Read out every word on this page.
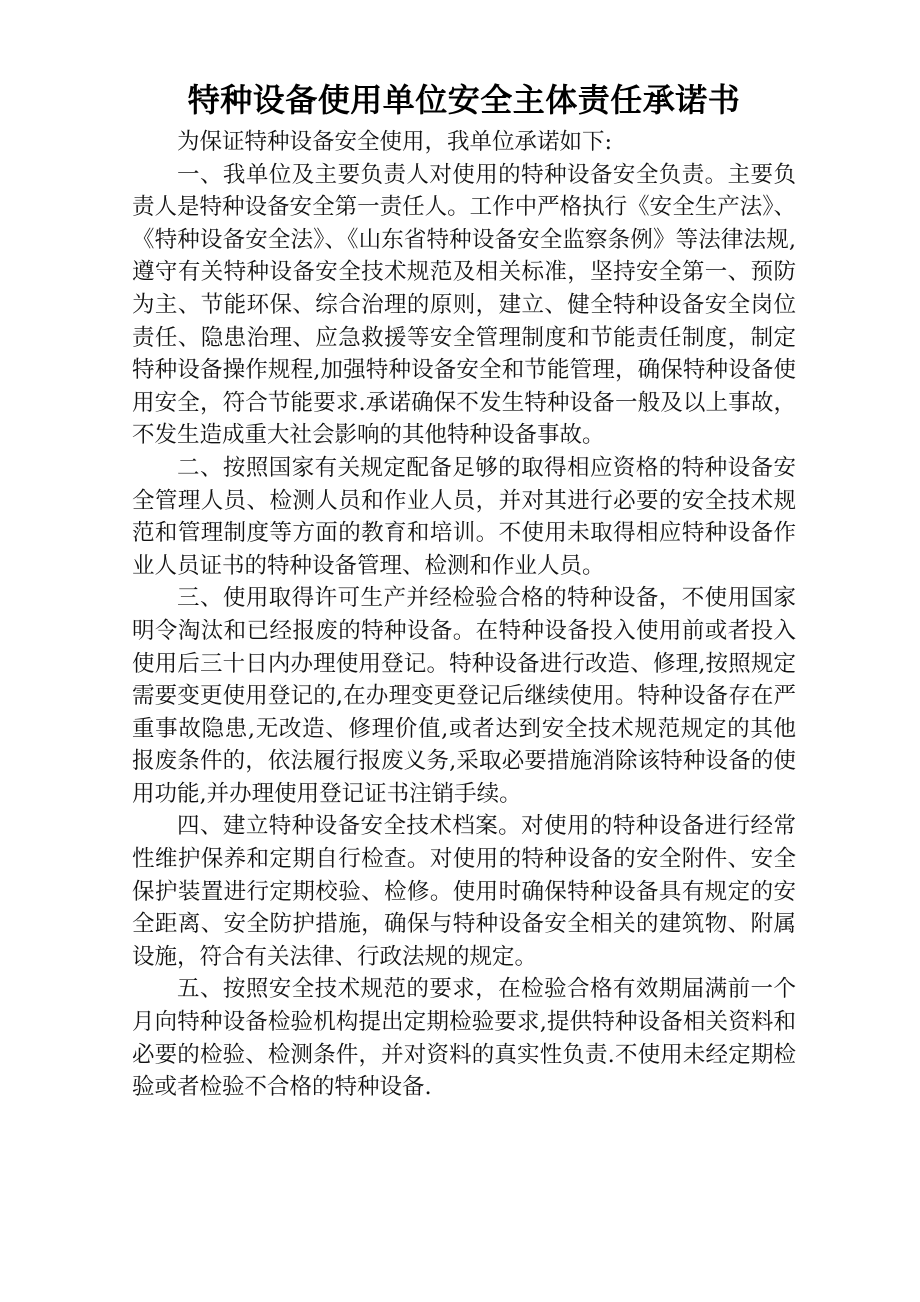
特种设备使用单位安全主体责任承诺书

为保证特种设备安全使用，我单位承诺如下:

一、我单位及主要负责人对使用的特种设备安全负责。主要负责人是特种设备安全第一责任人。工作中严格执行《安全生产法》、《特种设备安全法》、《山东省特种设备安全监察条例》等法律法规,遵守有关特种设备安全技术规范及相关标准，坚持安全第一、预防为主、节能环保、综合治理的原则，建立、健全特种设备安全岗位责任、隐患治理、应急救援等安全管理制度和节能责任制度，制定特种设备操作规程,加强特种设备安全和节能管理，确保特种设备使用安全，符合节能要求.承诺确保不发生特种设备一般及以上事故，不发生造成重大社会影响的其他特种设备事故。

二、按照国家有关规定配备足够的取得相应资格的特种设备安全管理人员、检测人员和作业人员，并对其进行必要的安全技术规范和管理制度等方面的教育和培训。不使用未取得相应特种设备作业人员证书的特种设备管理、检测和作业人员。

三、使用取得许可生产并经检验合格的特种设备，不使用国家明令淘汰和已经报废的特种设备。在特种设备投入使用前或者投入使用后三十日内办理使用登记。特种设备进行改造、修理,按照规定需要变更使用登记的,在办理变更登记后继续使用。特种设备存在严重事故隐患,无改造、修理价值,或者达到安全技术规范规定的其他报废条件的，依法履行报废义务,采取必要措施消除该特种设备的使用功能,并办理使用登记证书注销手续。

四、建立特种设备安全技术档案。对使用的特种设备进行经常性维护保养和定期自行检查。对使用的特种设备的安全附件、安全保护装置进行定期校验、检修。使用时确保特种设备具有规定的安全距离、安全防护措施，确保与特种设备安全相关的建筑物、附属设施，符合有关法律、行政法规的规定。

五、按照安全技术规范的要求，在检验合格有效期届满前一个月向特种设备检验机构提出定期检验要求,提供特种设备相关资料和必要的检验、检测条件，并对资料的真实性负责.不使用未经定期检验或者检验不合格的特种设备.
